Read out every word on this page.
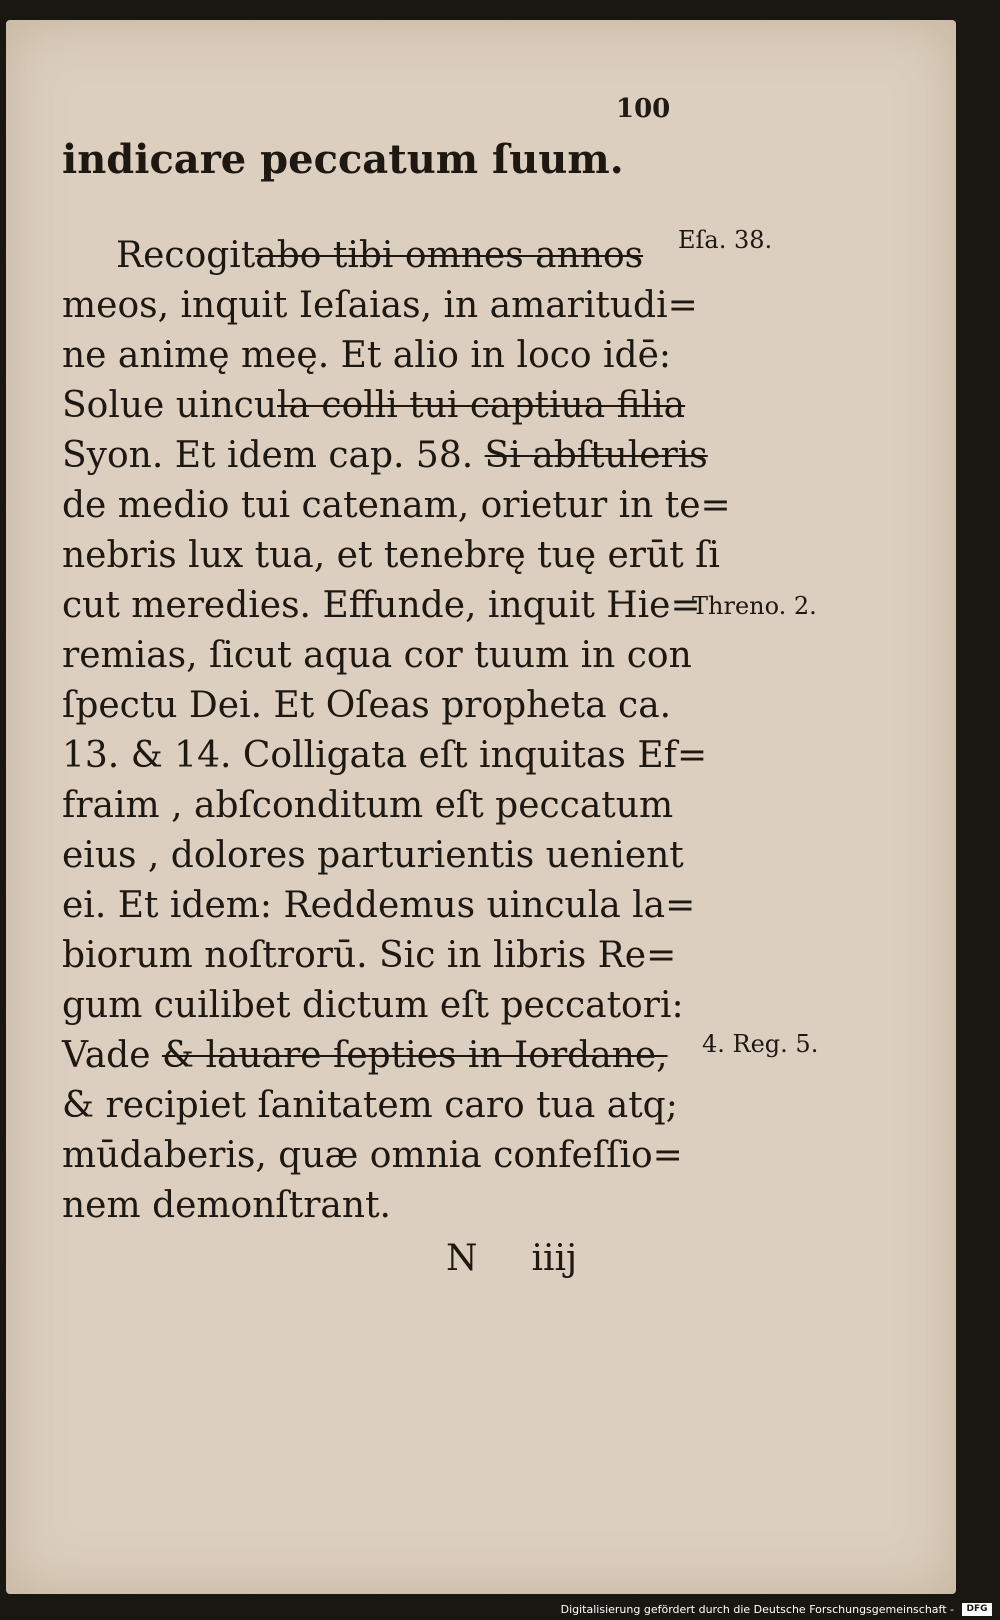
100

indicare peccatum ſuum.

Recogitabo tibi omnes annos

meos, inquit Ieſaias, in amaritudi=

ne animę meę. Et alio in loco idē:

Solue uincula colli tui captiua filia

Syon. Et idem cap. 58. Si abſtuleris

de medio tui catenam, orietur in te=

nebris lux tua, et tenebrę tuę erūt ſi

cut meredies. Effunde, inquit Hie=

remias, ſicut aqua cor tuum in con

ſpectu Dei. Et Oſeas propheta ca.

13. & 14. Colligata eſt inquitas Ef=

fraim , abſconditum eſt peccatum

eius , dolores parturientis uenient

ei. Et idem: Reddemus uincula la=

biorum noſtrorū. Sic in libris Re=

gum cuilibet dictum eſt peccatori:

Vade & lauare ſepties in Iordane,

& recipiet ſanitatem caro tua atq;

mūdaberis, quæ omnia confeſſio=

nem demonſtrant.

Eſa. 38.

Threno. 2.

4. Reg. 5.

N iiij

Digitalisierung gefördert durch die Deutsche Forschungsgemeinschaft -	DFG
